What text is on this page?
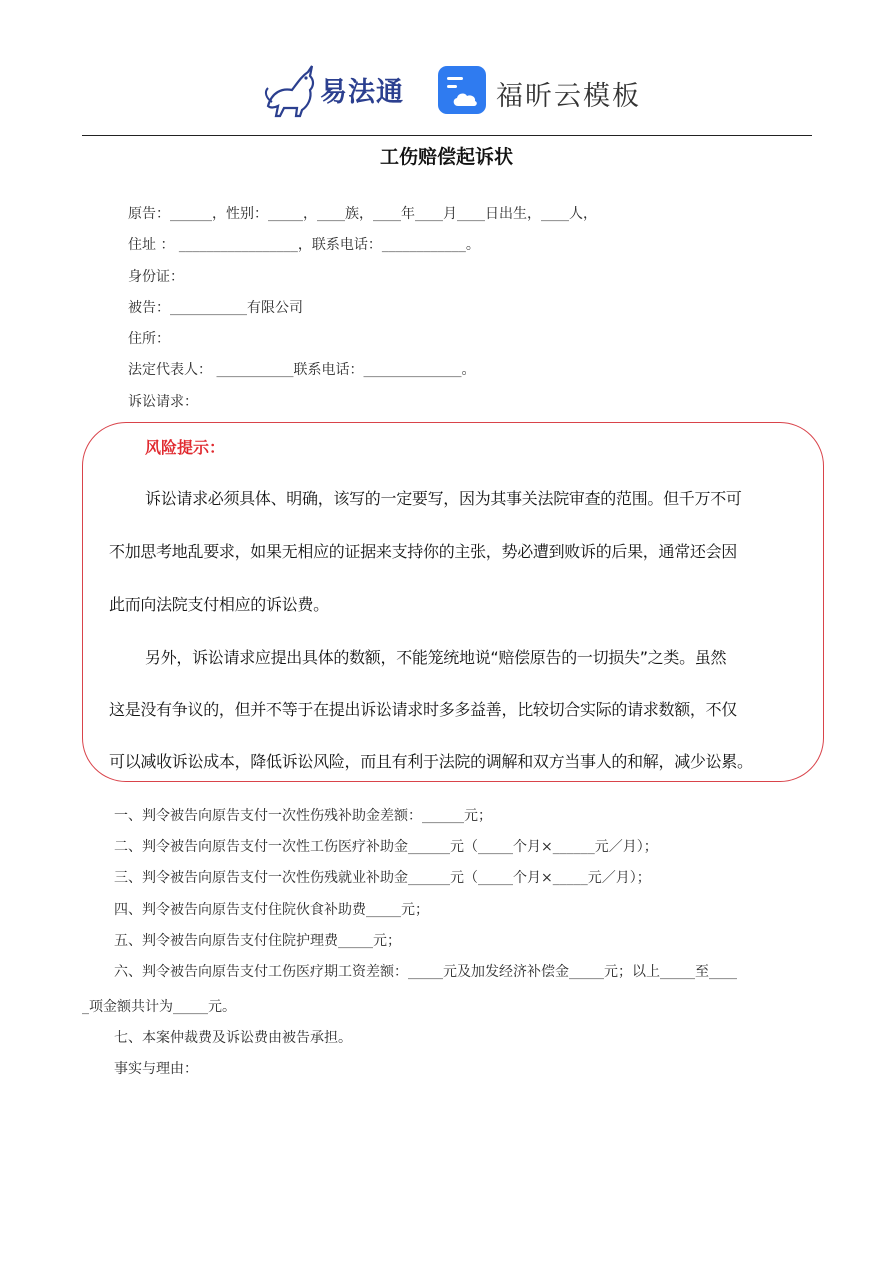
易法通	福昕云模板
工伤赔偿起诉状
原告：______，性别：_____，____族，____年____月____日出生，____人，
住址 ： _________________，联系电话：____________。
身份证：
被告：___________有限公司
住所：
法定代表人： ___________联系电话：______________。
诉讼请求：
风险提示：
诉讼请求必须具体、明确，该写的一定要写，因为其事关法院审查的范围。但千万不可
不加思考地乱要求，如果无相应的证据来支持你的主张，势必遭到败诉的后果，通常还会因
此而向法院支付相应的诉讼费。
另外，诉讼请求应提出具体的数额，不能笼统地说“赔偿原告的一切损失”之类。虽然
这是没有争议的，但并不等于在提出诉讼请求时多多益善，比较切合实际的请求数额，不仅
可以减收诉讼成本，降低诉讼风险，而且有利于法院的调解和双方当事人的和解，减少讼累。
一、判令被告向原告支付一次性伤残补助金差额：______元；
二、判令被告向原告支付一次性工伤医疗补助金______元（_____个月×______元／月）；
三、判令被告向原告支付一次性伤残就业补助金______元（_____个月×_____元／月）；
四、判令被告向原告支付住院伙食补助费_____元；
五、判令被告向原告支付住院护理费_____元；
六、判令被告向原告支付工伤医疗期工资差额：_____元及加发经济补偿金_____元；以上_____至____
_项金额共计为_____元。
七、本案仲裁费及诉讼费由被告承担。
事实与理由：
